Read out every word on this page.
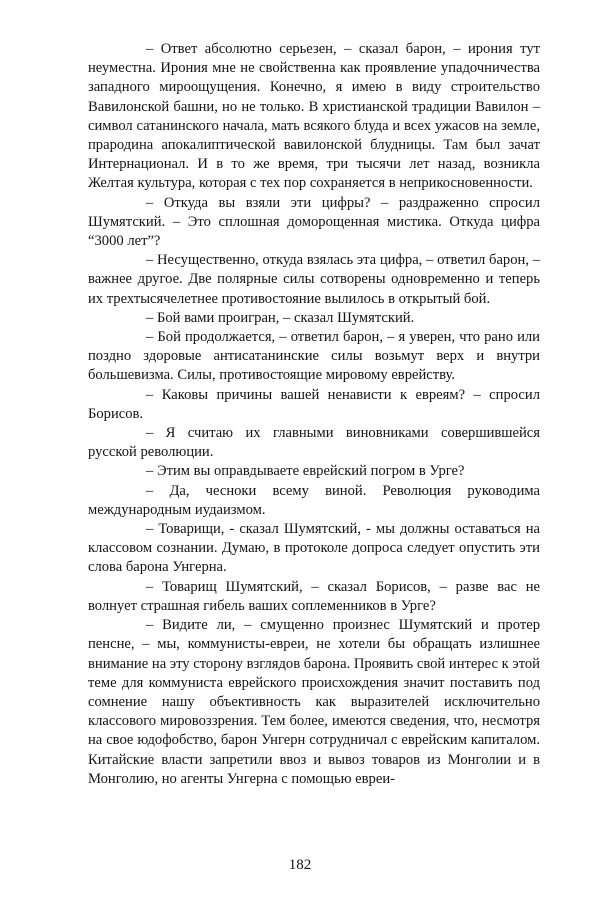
– Ответ абсолютно серьезен, – сказал барон, – ирония тут неуместна. Ирония мне не свойственна как проявление упадочничества западного мироощущения. Конечно, я имею в виду строительство Вавилонской башни, но не только. В христианской традиции Вавилон – символ сатанинского начала, мать всякого блуда и всех ужасов на земле, прародина апокалиптической вавилонской блудницы. Там был зачат Интернационал. И в то же время, три тысячи лет назад, возникла Желтая культура, которая с тех пор сохраняется в неприкосновенности.

– Откуда вы взяли эти цифры? – раздраженно спросил Шумятский. – Это сплошная доморощенная мистика. Откуда цифра “3000 лет”?

– Несущественно, откуда взялась эта цифра, – ответил барон, – важнее другое. Две полярные силы сотворены одновременно и теперь их трехтысячелетнее противостояние вылилось в открытый бой.

– Бой вами проигран, – сказал Шумятский.

– Бой продолжается, – ответил барон, – я уверен, что рано или поздно здоровые антисатанинские силы возьмут верх и внутри большевизма. Силы, противостоящие мировому еврейству.

– Каковы причины вашей ненависти к евреям? – спросил Борисов.

– Я считаю их главными виновниками совершившейся русской революции.

– Этим вы оправдываете еврейский погром в Урге?

– Да, чесноки всему виной. Революция руководима международным иудаизмом.

– Товарищи, - сказал Шумятский, - мы должны оставаться на классовом сознании. Думаю, в протоколе допроса следует опустить эти слова барона Унгерна.

– Товарищ Шумятский, – сказал Борисов, – разве вас не волнует страшная гибель ваших соплеменников в Урге?

– Видите ли, – смущенно произнес Шумятский и протер пенсне, – мы, коммунисты-евреи, не хотели бы обращать излишнее внимание на эту сторону взглядов барона. Проявить свой интерес к этой теме для коммуниста еврейского происхождения значит поставить под сомнение нашу объективность как выразителей исключительно классового мировоззрения. Тем более, имеются сведения, что, несмотря на свое юдофобство, барон Унгерн сотрудничал с еврейским капиталом. Китайские власти запретили ввоз и вывоз товаров из Монголии и в Монголию, но агенты Унгерна с помощью евреи-

182
